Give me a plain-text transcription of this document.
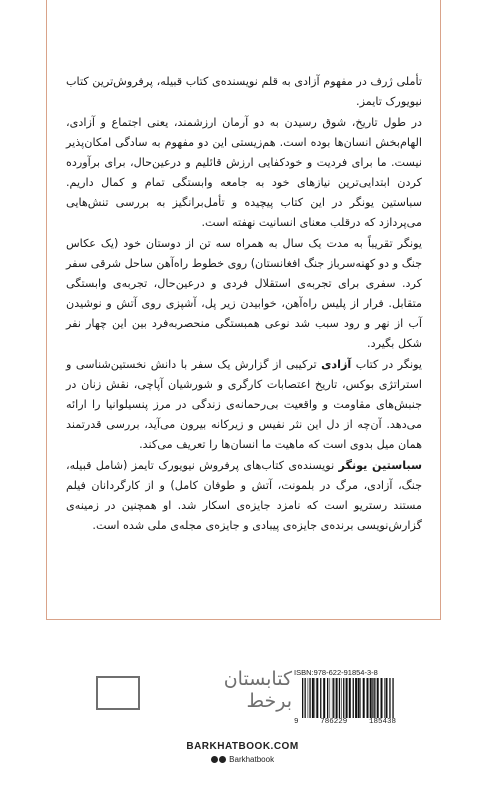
تأملی ژرف در مفهوم آزادی به قلم نویسنده‌ی کتاب قبیله، پرفروش‌ترین کتاب نیویورک تایمز.

در طول تاریخ، شوق رسیدن به دو آرمان ارزشمند، یعنی اجتماع و آزادی، الهام‌بخش انسان‌ها بوده است. هم‌زیستی این دو مفهوم به سادگی امکان‌پذیر نیست. ما برای فردیت و خودکفایی ارزش قائلیم و درعین‌حال، برای برآورده کردن ابتدایی‌ترین نیازهای خود به جامعه وابستگی تمام و کمال داریم. سباستین یونگر در این کتاب پیچیده و تأمل‌برانگیز به بررسی تنش‌هایی می‌پردازد که درقلب معنای انسانیت نهفته است.

یونگر تقریباً به مدت یک سال به همراه سه تن از دوستان خود (یک عکاس جنگ و دو کهنه‌سرباز جنگ افغانستان) روی خطوط راه‌آهن ساحل شرقی سفر کرد. سفری برای تجربه‌ی استقلال فردی و درعین‌حال، تجربه‌ی وابستگی متقابل. فرار از پلیس راه‌آهن، خوابیدن زیر پل، آشپزی روی آتش و نوشیدن آب از نهر و رود سبب شد نوعی همبستگی منحصربه‌فرد بین این چهار نفر شکل بگیرد.

یونگر در کتاب آزادی ترکیبی از گزارش یک سفر با دانش نخستین‌شناسی و استراتژی بوکس، تاریخ اعتصابات کارگری و شورشیان آپاچی، نقش زنان در جنبش‌های مقاومت و واقعیت بی‌رحمانه‌ی زندگی در مرز پنسیلوانیا را ارائه می‌دهد. آن‌چه از دل این نثر نفیس و زیرکانه بیرون می‌آید، بررسی قدرتمند همان میل بدوی است که ماهیت ما انسان‌ها را تعریف می‌کند.

سباستین یونگر نویسنده‌ی کتاب‌های پرفروش نیویورک تایمز (شامل قبیله، جنگ، آزادی، مرگ در بلمونت، آتش و طوفان کامل) و از کارگردانان فیلم مستند رستریو است که نامزد جایزه‌ی اسکار شد. او همچنین در زمینه‌ی گزارش‌نویسی برنده‌ی جایزه‌ی پیبادی و جایزه‌ی مجله‌ی ملی شده است.

کتابستان
برخط
ISBN:978-622-91854-3-8
9	786229	185438
BARKHATBOOK.COM
Barkhatbook
